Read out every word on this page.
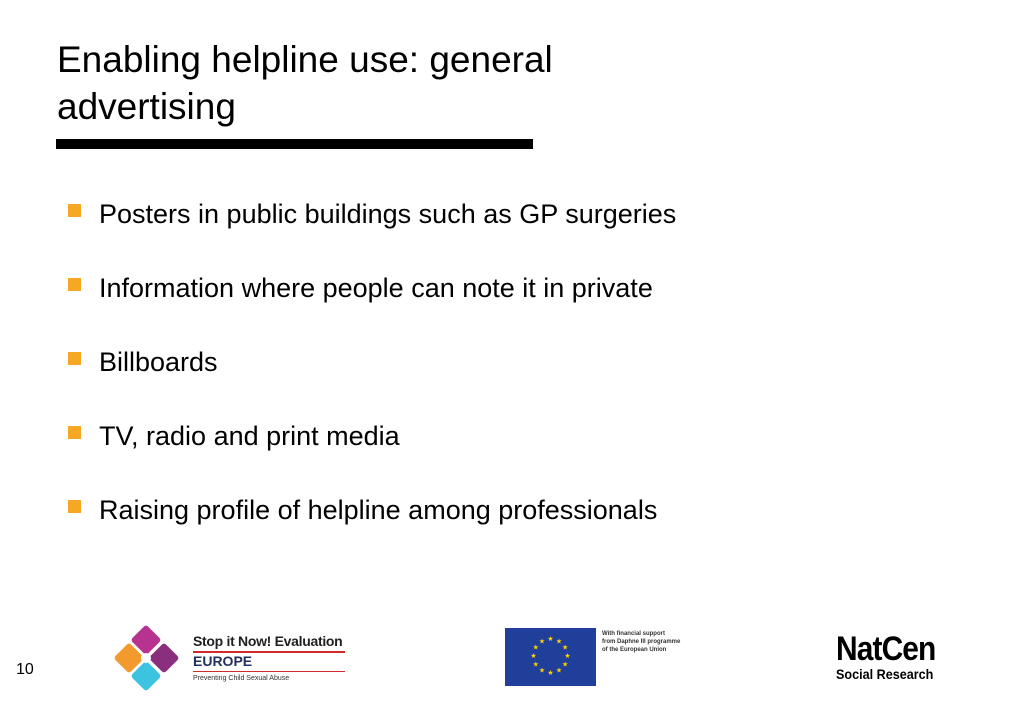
Enabling helpline use: general advertising
Posters in public buildings such as GP surgeries
Information where people can note it in private
Billboards
TV, radio and print media
Raising profile of helpline among professionals
10
Stop it Now! Evaluation
EUROPE
Preventing Child Sexual Abuse
★ ★
★
★
★
★
★
★
★
★
★
★
With financial support
from Daphne III programme
of the European Union	NatCen
Social Research
